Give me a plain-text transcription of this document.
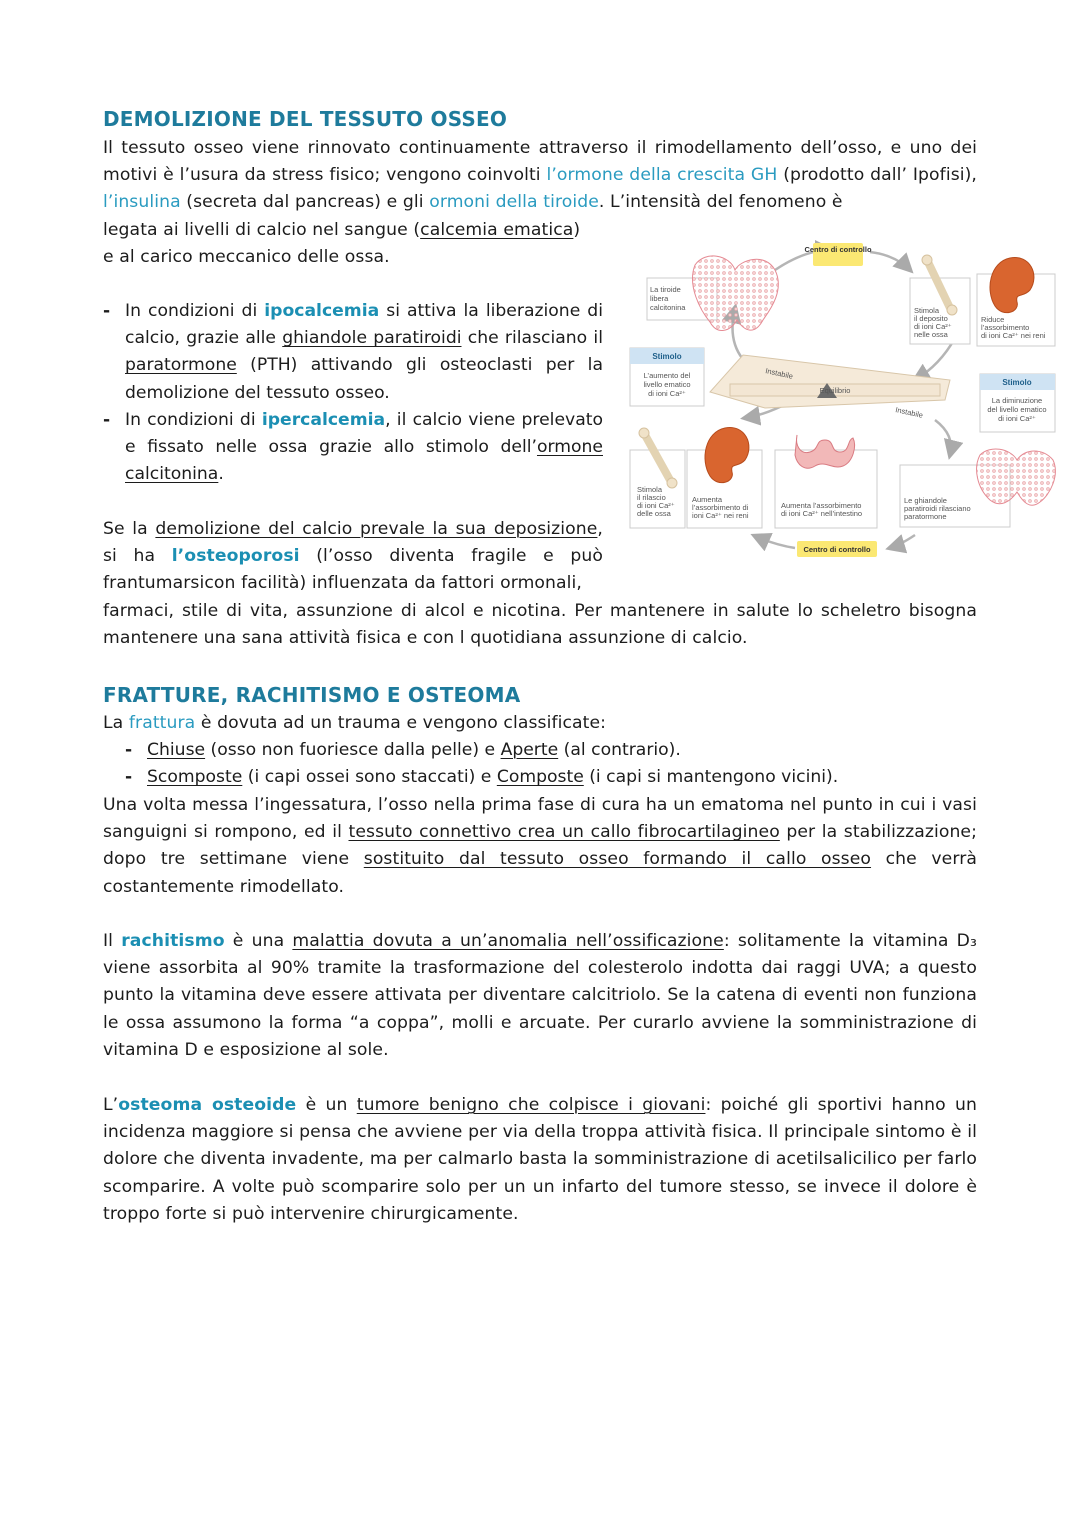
DEMOLIZIONE DEL TESSUTO OSSEO

Il tessuto osseo viene rinnovato continuamente attraverso il rimodellamento dell’osso, e uno dei motivi è l’usura da stress fisico; vengono coinvolti l’ormone della crescita GH (prodotto dall’ Ipofisi), l’insulina (secreta dal pancreas) e gli ormoni della tiroide. L’intensità del fenomeno è

legata ai livelli di calcio nel sangue (calcemia ematica)
e al carico meccanico delle ossa.

- In condizioni di ipocalcemia si attiva la liberazione di calcio, grazie alle ghiandole paratiroidi che rilasciano il paratormone (PTH) attivando gli osteoclasti per la demolizione del tessuto osseo.
- In condizioni di ipercalcemia, il calcio viene prelevato e fissato nelle ossa grazie allo stimolo dell’ormone calcitonina.

Se la demolizione del calcio prevale la sua deposizione, si ha l’osteoporosi (l’osso diventa fragile e può frantumarsicon facilità) influenzata da fattori ormonali,

farmaci, stile di vita, assunzione di alcol e nicotina. Per mantenere in salute lo scheletro bisogna mantenere una sana attività fisica e con l quotidiana assunzione di calcio.

Centro di controllo
La tiroide
libera
calcitonina	Stimola
il deposito
di ioni Ca²⁺
nelle ossa
Riduce
l’assorbimento
di ioni Ca²⁺ nei reni
Stimolo
L’aumento del
livello ematico
di ioni Ca²⁺	Equilibrio
Instabile
Instabile
Stimolo
La diminuzione
del livello ematico
di ioni Ca²⁺
Stimola
il rilascio
di ioni Ca²⁺
delle ossa
Aumenta
l’assorbimento di
ioni Ca²⁺ nei reni
Aumenta l’assorbimento
di ioni Ca²⁺ nell’intestino
Le ghiandole
paratiroidi rilasciano
paratormone
Centro di controllo
FRATTURE, RACHITISMO E OSTEOMA

La frattura è dovuta ad un trauma e vengono classificate:

- Chiuse (osso non fuoriesce dalla pelle) e Aperte (al contrario).
- Scomposte (i capi ossei sono staccati) e Composte (i capi si mantengono vicini).

Una volta messa l’ingessatura, l’osso nella prima fase di cura ha un ematoma nel punto in cui i vasi sanguigni si rompono, ed il tessuto connettivo crea un callo fibrocartilagineo per la stabilizzazione; dopo tre settimane viene sostituito dal tessuto osseo formando il callo osseo che verrà costantemente rimodellato.

Il rachitismo è una malattia dovuta a un’anomalia nell’ossificazione: solitamente la vitamina D₃ viene assorbita al 90% tramite la trasformazione del colesterolo indotta dai raggi UVA; a questo punto la vitamina deve essere attivata per diventare calcitriolo. Se la catena di eventi non funziona le ossa assumono la forma “a coppa”, molli e arcuate. Per curarlo avviene la somministrazione di vitamina D e esposizione al sole.

L’osteoma osteoide è un tumore benigno che colpisce i giovani: poiché gli sportivi hanno un incidenza maggiore si pensa che avviene per via della troppa attività fisica. Il principale sintomo è il dolore che diventa invadente, ma per calmarlo basta la somministrazione di acetilsalicilico per farlo scomparire. A volte può scomparire solo per un un infarto del tumore stesso, se invece il dolore è troppo forte si può intervenire chirurgicamente.
